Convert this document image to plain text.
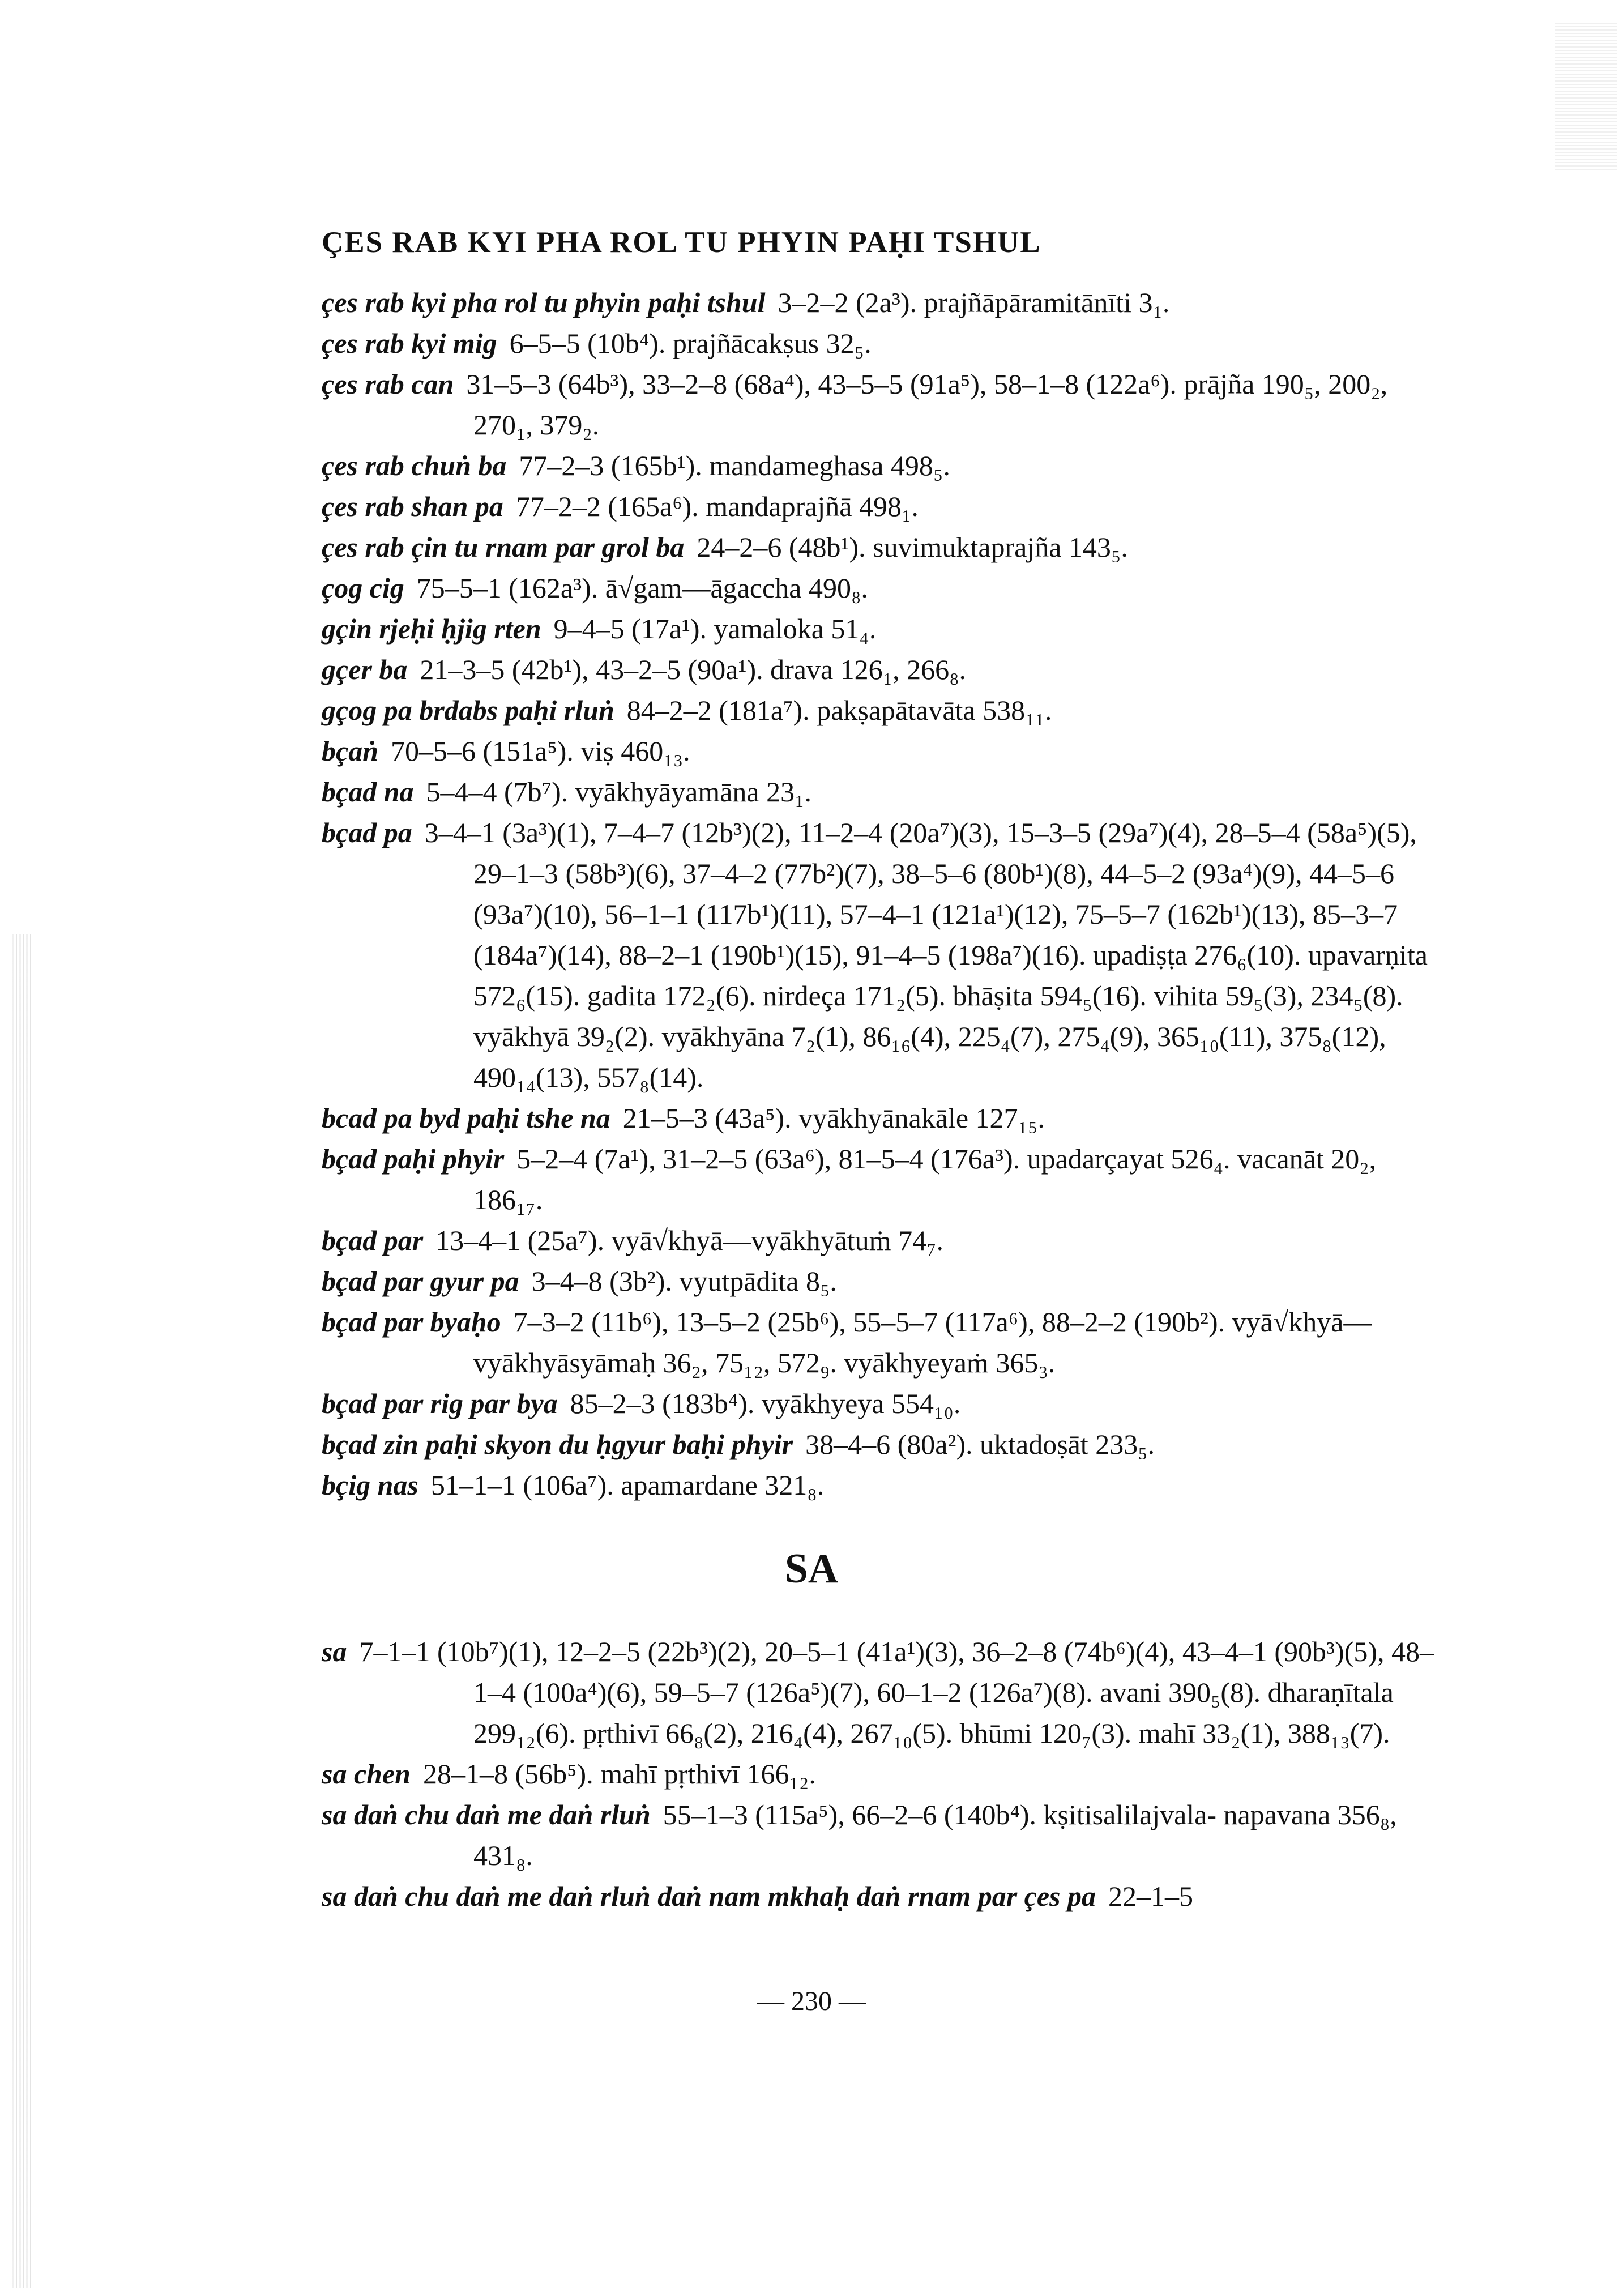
ÇES RAB KYI PHA ROL TU PHYIN PAḤI TSHUL

çes rab kyi pha rol tu phyin paḥi tshul 3–2–2 (2a³). prajñāpāramitānīti 3₁.

çes rab kyi mig 6–5–5 (10b⁴). prajñācakṣus 32₅.

çes rab can 31–5–3 (64b³), 33–2–8 (68a⁴), 43–5–5 (91a⁵), 58–1–8 (122a⁶). prājña 190₅, 200₂, 270₁, 379₂.

çes rab chuṅ ba 77–2–3 (165b¹). mandameghasa 498₅.

çes rab shan pa 77–2–2 (165a⁶). mandaprajñā 498₁.

çes rab çin tu rnam par grol ba 24–2–6 (48b¹). suvimuktaprajña 143₅.

çog cig 75–5–1 (162a³). ā√gam—āgaccha 490₈.

gçin rjeḥi ḥjig rten 9–4–5 (17a¹). yamaloka 51₄.

gçer ba 21–3–5 (42b¹), 43–2–5 (90a¹). drava 126₁, 266₈.

gçog pa brdabs paḥi rluṅ 84–2–2 (181a⁷). pakṣapātavāta 538₁₁.

bçaṅ 70–5–6 (151a⁵). viṣ 460₁₃.

bçad na 5–4–4 (7b⁷). vyākhyāyamāna 23₁.

bçad pa 3–4–1 (3a³)(1), 7–4–7 (12b³)(2), 11–2–4 (20a⁷)(3), 15–3–5 (29a⁷)(4), 28–5–4 (58a⁵)(5), 29–1–3 (58b³)(6), 37–4–2 (77b²)(7), 38–5–6 (80b¹)(8), 44–5–2 (93a⁴)(9), 44–5–6 (93a⁷)(10), 56–1–1 (117b¹)(11), 57–4–1 (121a¹)(12), 75–5–7 (162b¹)(13), 85–3–7 (184a⁷)(14), 88–2–1 (190b¹)(15), 91–4–5 (198a⁷)(16). upadiṣṭa 276₆(10). upavarṇita 572₆(15). gadita 172₂(6). nirdeça 171₂(5). bhāṣita 594₅(16). vihita 59₅(3), 234₅(8). vyākhyā 39₂(2). vyākhyāna 7₂(1), 86₁₆(4), 225₄(7), 275₄(9), 365₁₀(11), 375₈(12), 490₁₄(13), 557₈(14).

bcad pa byd paḥi tshe na 21–5–3 (43a⁵). vyākhyānakāle 127₁₅.

bçad paḥi phyir 5–2–4 (7a¹), 31–2–5 (63a⁶), 81–5–4 (176a³). upadarçayat 526₄. vacanāt 20₂, 186₁₇.

bçad par 13–4–1 (25a⁷). vyā√khyā—vyākhyātuṁ 74₇.

bçad par gyur pa 3–4–8 (3b²). vyutpādita 8₅.

bçad par byaḥo 7–3–2 (11b⁶), 13–5–2 (25b⁶), 55–5–7 (117a⁶), 88–2–2 (190b²). vyā√khyā—vyākhyāsyāmaḥ 36₂, 75₁₂, 572₉. vyākhyeyaṁ 365₃.

bçad par rig par bya 85–2–3 (183b⁴). vyākhyeya 554₁₀.

bçad zin paḥi skyon du ḥgyur baḥi phyir 38–4–6 (80a²). uktadoṣāt 233₅.

bçig nas 51–1–1 (106a⁷). apamardane 321₈.

SA

sa 7–1–1 (10b⁷)(1), 12–2–5 (22b³)(2), 20–5–1 (41a¹)(3), 36–2–8 (74b⁶)(4), 43–4–1 (90b³)(5), 48–1–4 (100a⁴)(6), 59–5–7 (126a⁵)(7), 60–1–2 (126a⁷)(8). avani 390₅(8). dharaṇītala 299₁₂(6). pṛthivī 66₈(2), 216₄(4), 267₁₀(5). bhūmi 120₇(3). mahī 33₂(1), 388₁₃(7).

sa chen 28–1–8 (56b⁵). mahī pṛthivī 166₁₂.

sa daṅ chu daṅ me daṅ rluṅ 55–1–3 (115a⁵), 66–2–6 (140b⁴). kṣitisalilajvala- napavana 356₈, 431₈.

sa daṅ chu daṅ me daṅ rluṅ daṅ nam mkhaḥ daṅ rnam par çes pa 22–1–5

— 230 —
